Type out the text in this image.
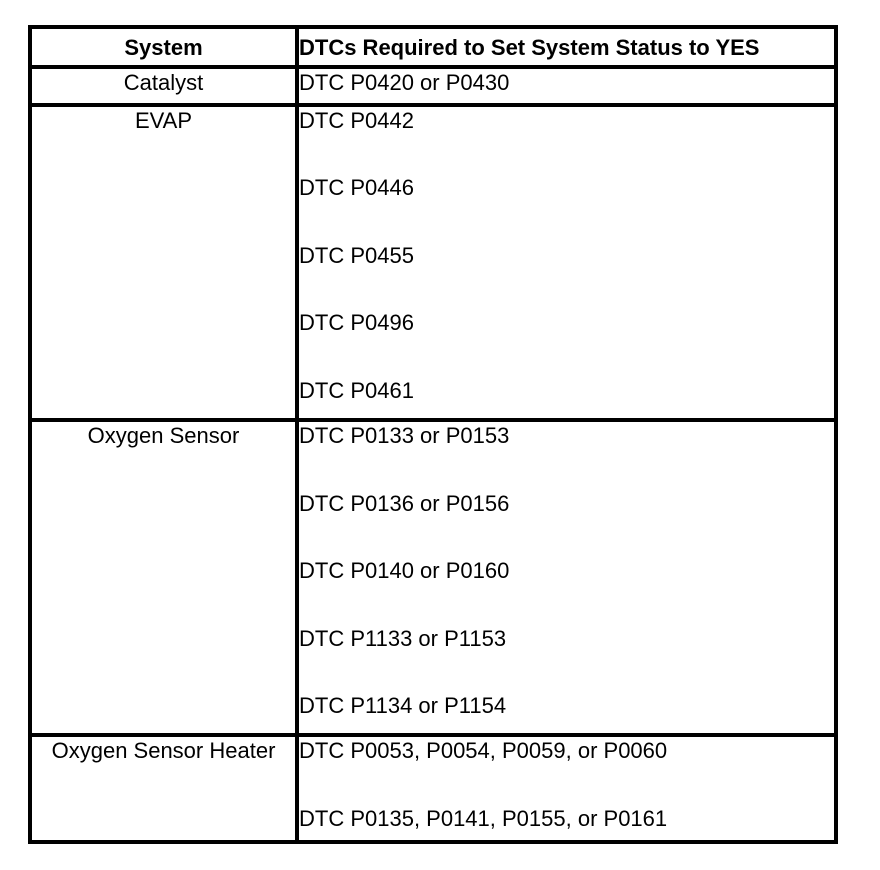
System	DTCs Required to Set System Status to YES
Catalyst	DTC P0420 or P0430

EVAP	DTC P0442
DTC P0446
DTC P0455
DTC P0496
DTC P0461

Oxygen Sensor	DTC P0133 or P0153
DTC P0136 or P0156
DTC P0140 or P0160
DTC P1133 or P1153
DTC P1134 or P1154

Oxygen Sensor Heater	DTC P0053, P0054, P0059, or P0060
DTC P0135, P0141, P0155, or P0161
